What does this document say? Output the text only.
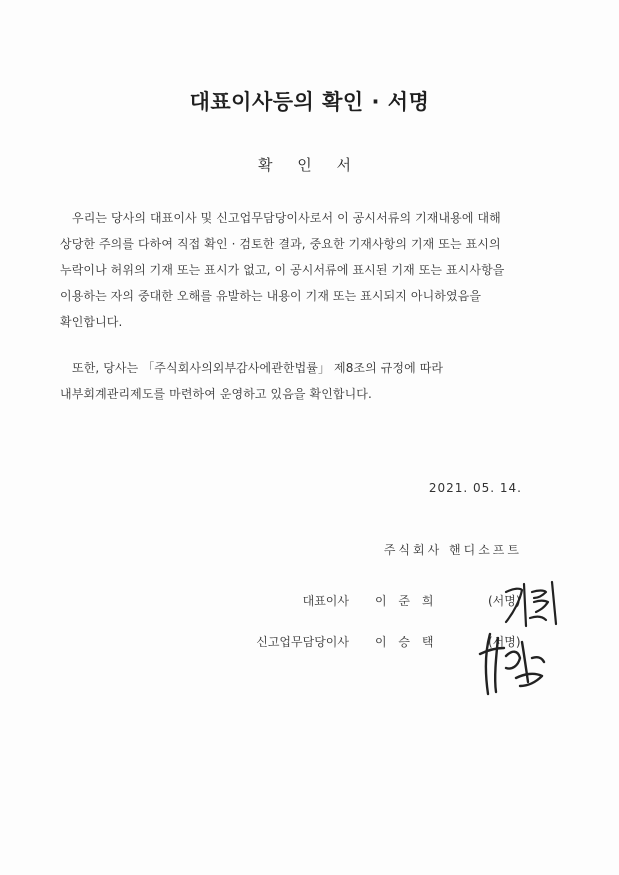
대표이사등의 확인 · 서명
확 인 서

우리는 당사의 대표이사 및 신고업무담당이사로서 이 공시서류의 기재내용에 대해

상당한 주의를 다하여 직접 확인 · 검토한 결과, 중요한 기재사항의 기재 또는 표시의

누락이나 허위의 기재 또는 표시가 없고, 이 공시서류에 표시된 기재 또는 표시사항을

이용하는 자의 중대한 오해를 유발하는 내용이 기재 또는 표시되지 아니하였음을

확인합니다.

또한, 당사는 「주식회사의외부감사에관한법률」 제8조의 규정에 따라

내부회계관리제도를 마련하여 운영하고 있음을 확인합니다.

2021. 05. 14.
주식회사 핸디소프트
대표이사 이 준 희	(서명)
신고업무담당이사 이 승 택	(서명)
